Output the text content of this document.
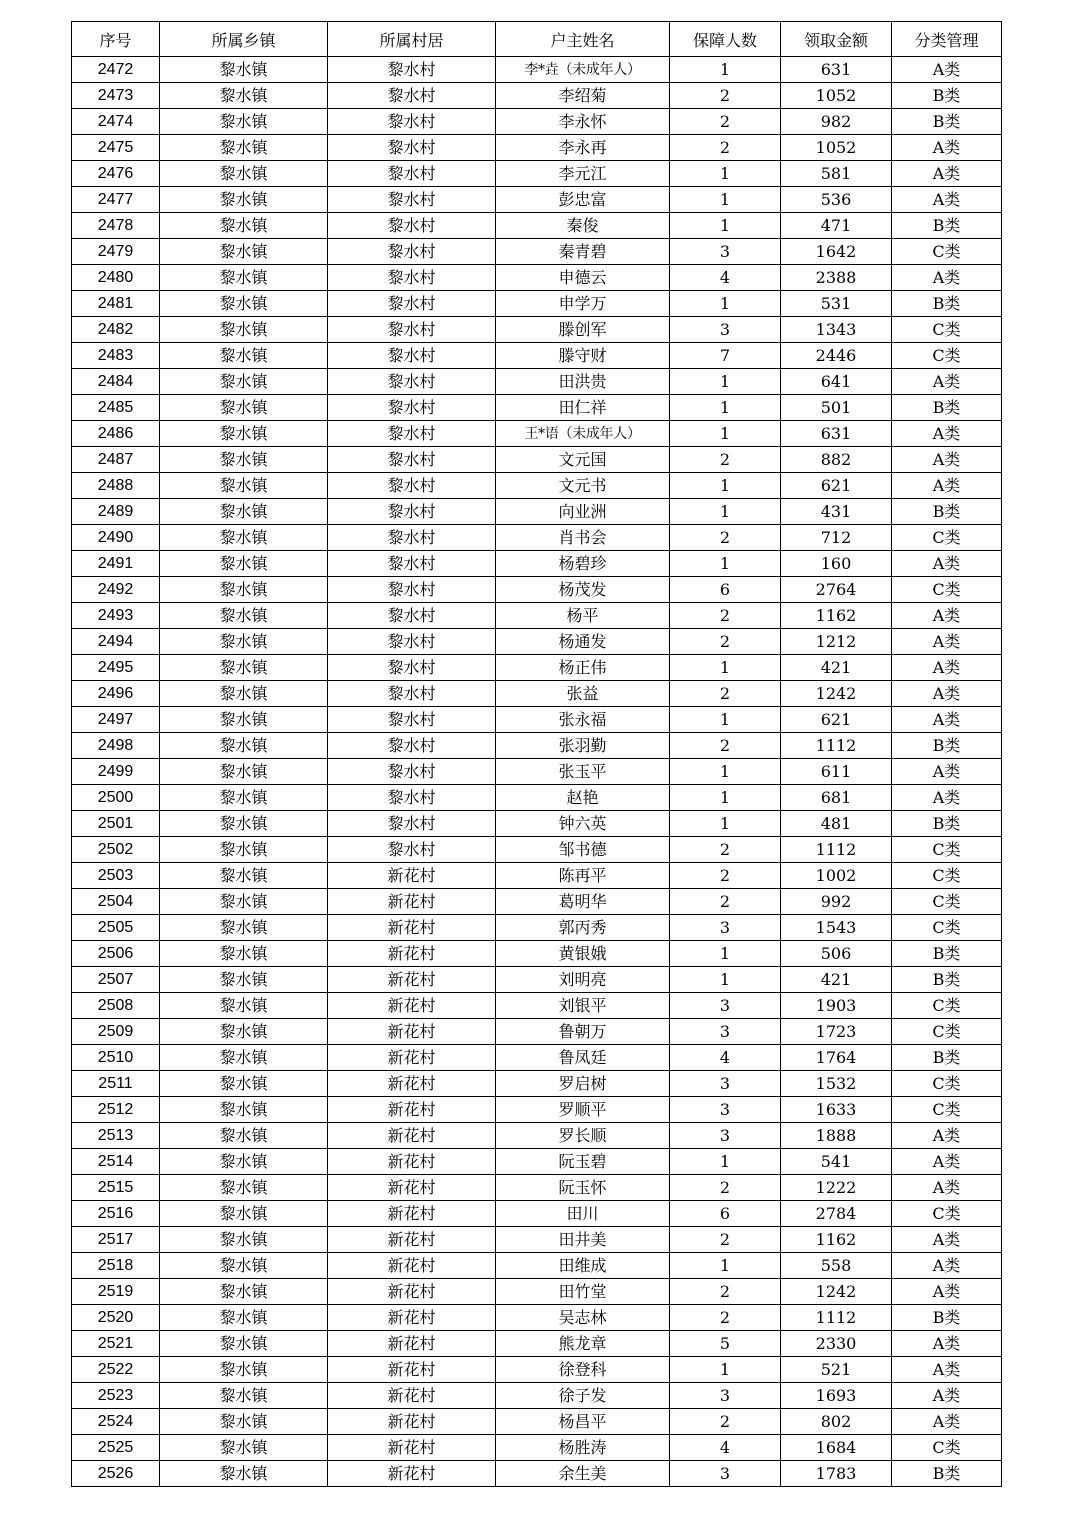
序号	所属乡镇	所属村居	户主姓名	保障人数	领取金额	分类管理
2472	黎水镇	黎水村	李*垚（未成年人）	1	631	A类
2473	黎水镇	黎水村	李绍菊	2	1052	B类
2474	黎水镇	黎水村	李永怀	2	982	B类
2475	黎水镇	黎水村	李永再	2	1052	A类
2476	黎水镇	黎水村	李元江	1	581	A类
2477	黎水镇	黎水村	彭忠富	1	536	A类
2478	黎水镇	黎水村	秦俊	1	471	B类
2479	黎水镇	黎水村	秦青碧	3	1642	C类
2480	黎水镇	黎水村	申德云	4	2388	A类
2481	黎水镇	黎水村	申学万	1	531	B类
2482	黎水镇	黎水村	滕创军	3	1343	C类
2483	黎水镇	黎水村	滕守财	7	2446	C类
2484	黎水镇	黎水村	田洪贵	1	641	A类
2485	黎水镇	黎水村	田仁祥	1	501	B类
2486	黎水镇	黎水村	王*语（未成年人）	1	631	A类
2487	黎水镇	黎水村	文元国	2	882	A类
2488	黎水镇	黎水村	文元书	1	621	A类
2489	黎水镇	黎水村	向业洲	1	431	B类
2490	黎水镇	黎水村	肖书会	2	712	C类
2491	黎水镇	黎水村	杨碧珍	1	160	A类
2492	黎水镇	黎水村	杨茂发	6	2764	C类
2493	黎水镇	黎水村	杨平	2	1162	A类
2494	黎水镇	黎水村	杨通发	2	1212	A类
2495	黎水镇	黎水村	杨正伟	1	421	A类
2496	黎水镇	黎水村	张益	2	1242	A类
2497	黎水镇	黎水村	张永福	1	621	A类
2498	黎水镇	黎水村	张羽勤	2	1112	B类
2499	黎水镇	黎水村	张玉平	1	611	A类
2500	黎水镇	黎水村	赵艳	1	681	A类
2501	黎水镇	黎水村	钟六英	1	481	B类
2502	黎水镇	黎水村	邹书德	2	1112	C类
2503	黎水镇	新花村	陈再平	2	1002	C类
2504	黎水镇	新花村	葛明华	2	992	C类
2505	黎水镇	新花村	郭丙秀	3	1543	C类
2506	黎水镇	新花村	黄银娥	1	506	B类
2507	黎水镇	新花村	刘明亮	1	421	B类
2508	黎水镇	新花村	刘银平	3	1903	C类
2509	黎水镇	新花村	鲁朝万	3	1723	C类
2510	黎水镇	新花村	鲁凤廷	4	1764	B类
2511	黎水镇	新花村	罗启树	3	1532	C类
2512	黎水镇	新花村	罗顺平	3	1633	C类
2513	黎水镇	新花村	罗长顺	3	1888	A类
2514	黎水镇	新花村	阮玉碧	1	541	A类
2515	黎水镇	新花村	阮玉怀	2	1222	A类
2516	黎水镇	新花村	田川	6	2784	C类
2517	黎水镇	新花村	田井美	2	1162	A类
2518	黎水镇	新花村	田维成	1	558	A类
2519	黎水镇	新花村	田竹堂	2	1242	A类
2520	黎水镇	新花村	吴志林	2	1112	B类
2521	黎水镇	新花村	熊龙章	5	2330	A类
2522	黎水镇	新花村	徐登科	1	521	A类
2523	黎水镇	新花村	徐子发	3	1693	A类
2524	黎水镇	新花村	杨昌平	2	802	A类
2525	黎水镇	新花村	杨胜涛	4	1684	C类
2526	黎水镇	新花村	余生美	3	1783	B类
